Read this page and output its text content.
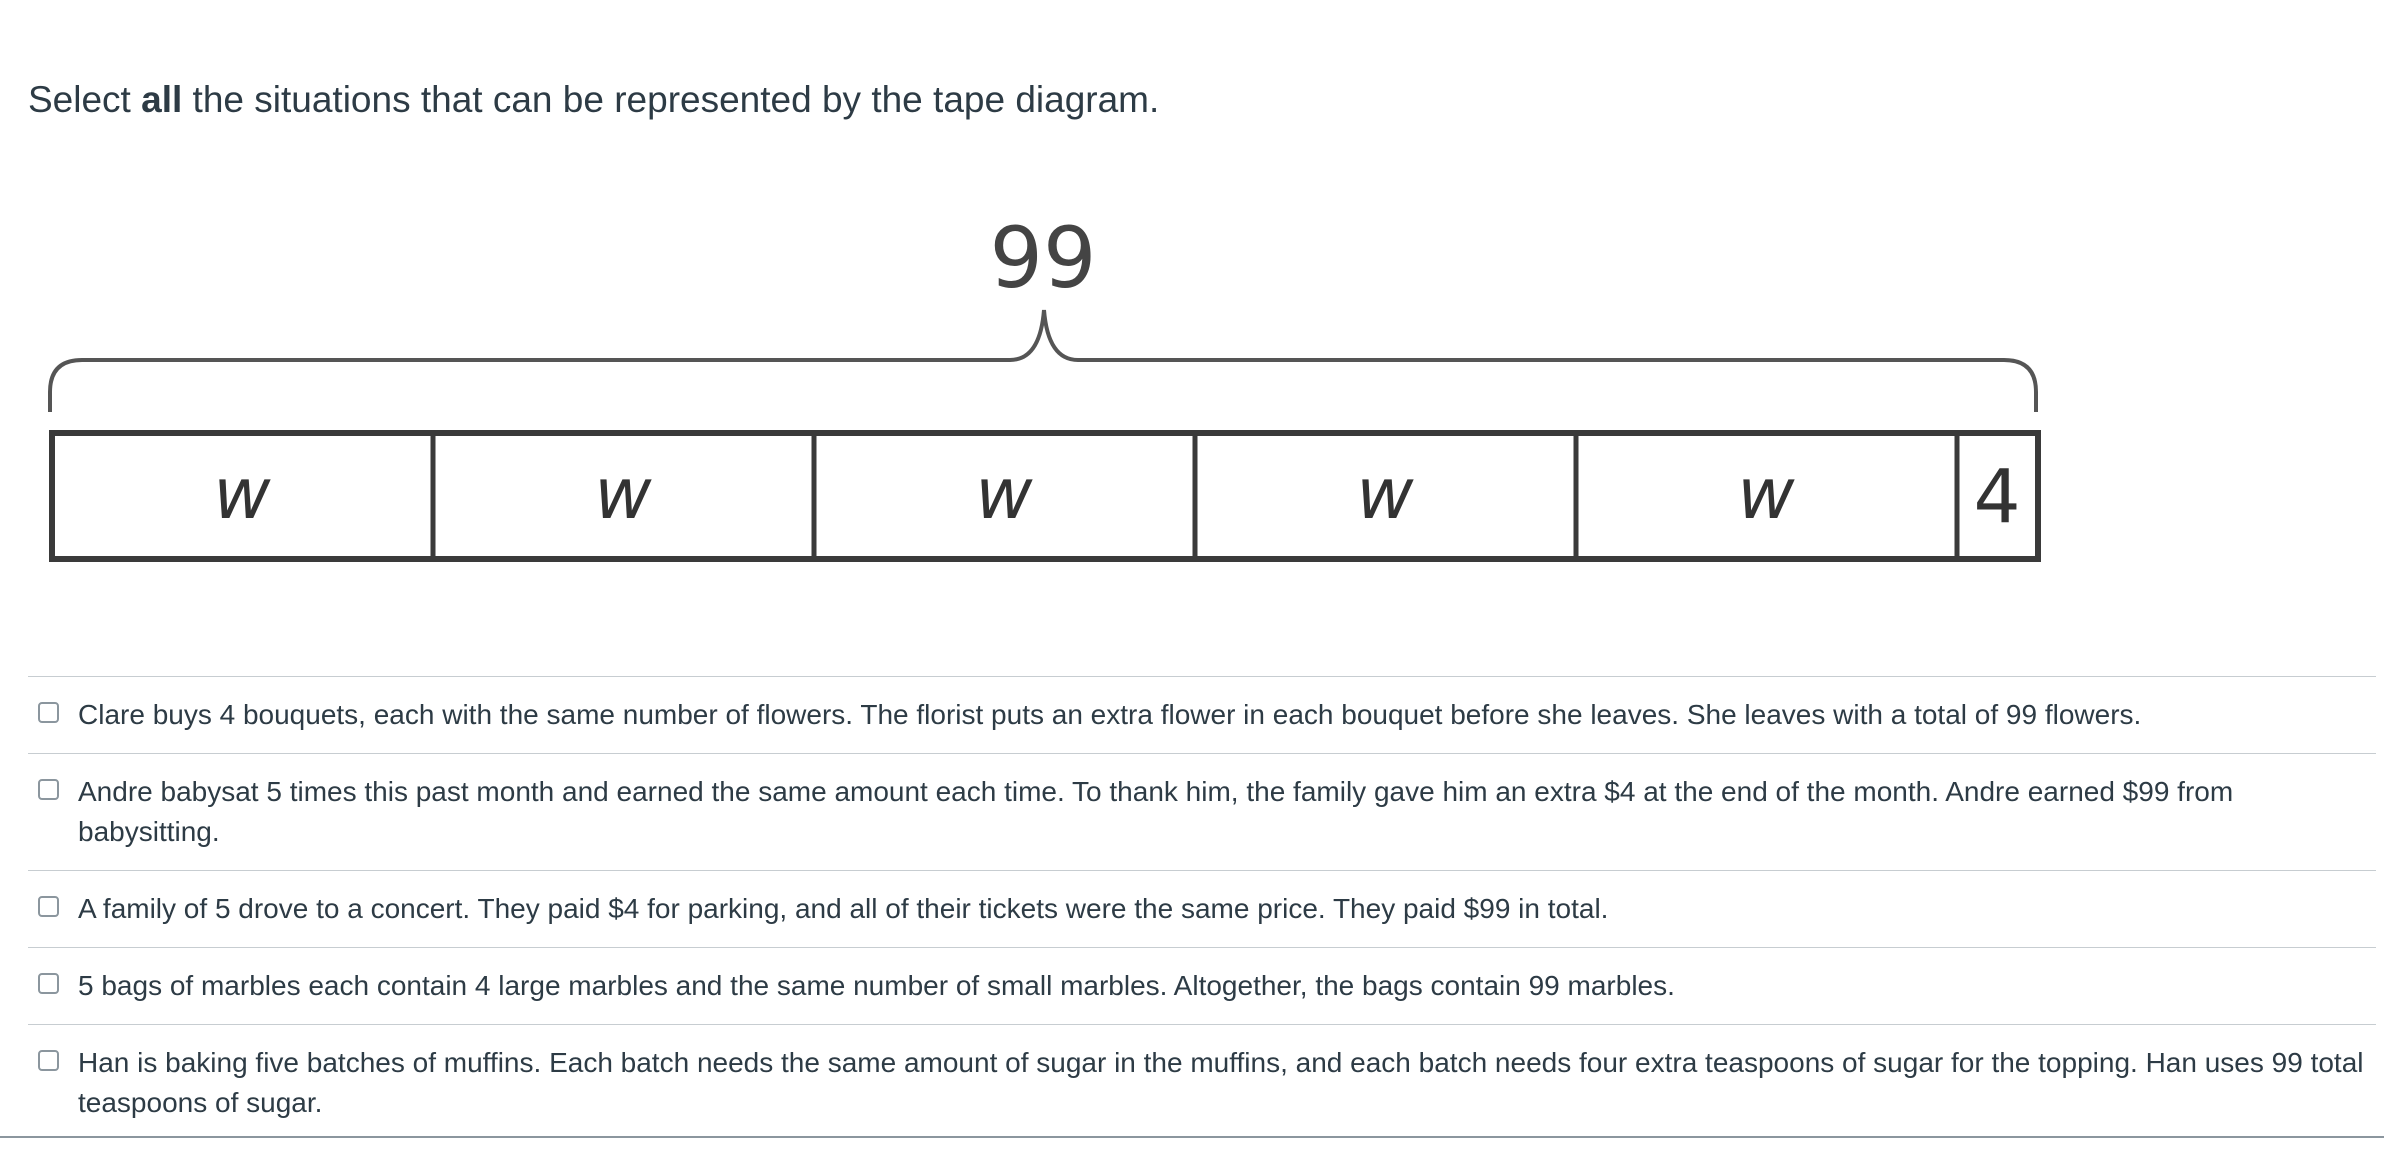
Select all the situations that can be represented by the tape diagram.
99
w	w	w	w	w 4
Clare buys 4 bouquets, each with the same number of flowers. The florist puts an extra flower in each bouquet before she leaves. She leaves with a total of 99 flowers.
Andre babysat 5 times this past month and earned the same amount each time. To thank him, the family gave him an extra $4 at the end of the month. Andre earned $99 from babysitting.
A family of 5 drove to a concert. They paid $4 for parking, and all of their tickets were the same price. They paid $99 in total.
5 bags of marbles each contain 4 large marbles and the same number of small marbles. Altogether, the bags contain 99 marbles.
Han is baking five batches of muffins. Each batch needs the same amount of sugar in the muffins, and each batch needs four extra teaspoons of sugar for the topping. Han uses 99 total teaspoons of sugar.
